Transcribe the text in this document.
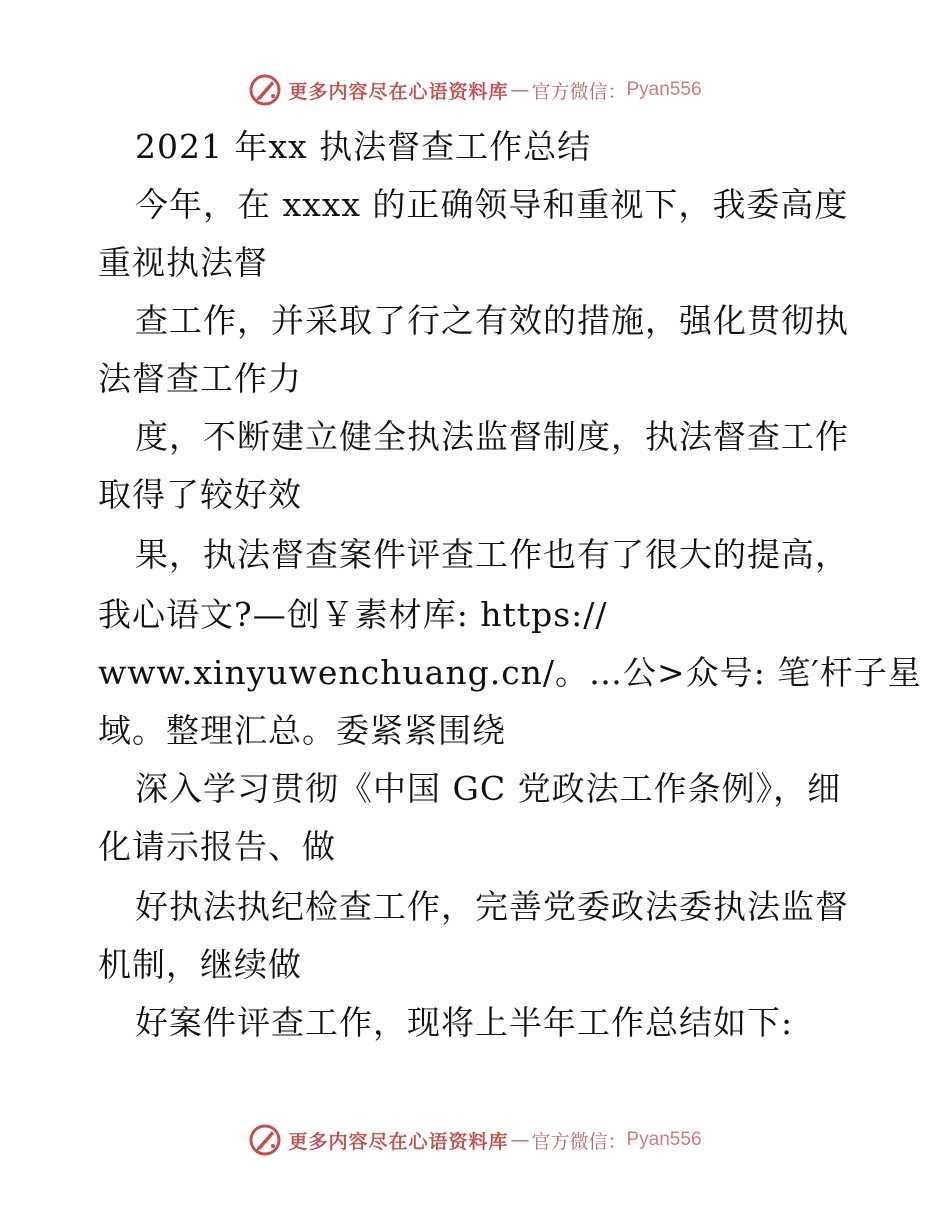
更多内容尽在心语资料库 — 官方微信： Pyan556
2021 年xx 执法督查工作总结
今年，在 xxxx 的正确领导和重视下，我委高度
重视执法督
查工作，并采取了行之有效的措施，强化贯彻执
法督查工作力
度，不断建立健全执法监督制度，执法督查工作
取得了较好效
果，执法督查案件评查工作也有了很大的提高，
我心语文?—创￥素材库: https://
www.xinyuwenchuang.cn/。…公>众号: 笔′杆子星
域。整理汇总。委紧紧围绕
深入学习贯彻《中国 GC 党政法工作条例》，细
化请示报告、做
好执法执纪检查工作，完善党委政法委执法监督
机制，继续做
好案件评查工作，现将上半年工作总结如下:
更多内容尽在心语资料库 — 官方微信： Pyan556
